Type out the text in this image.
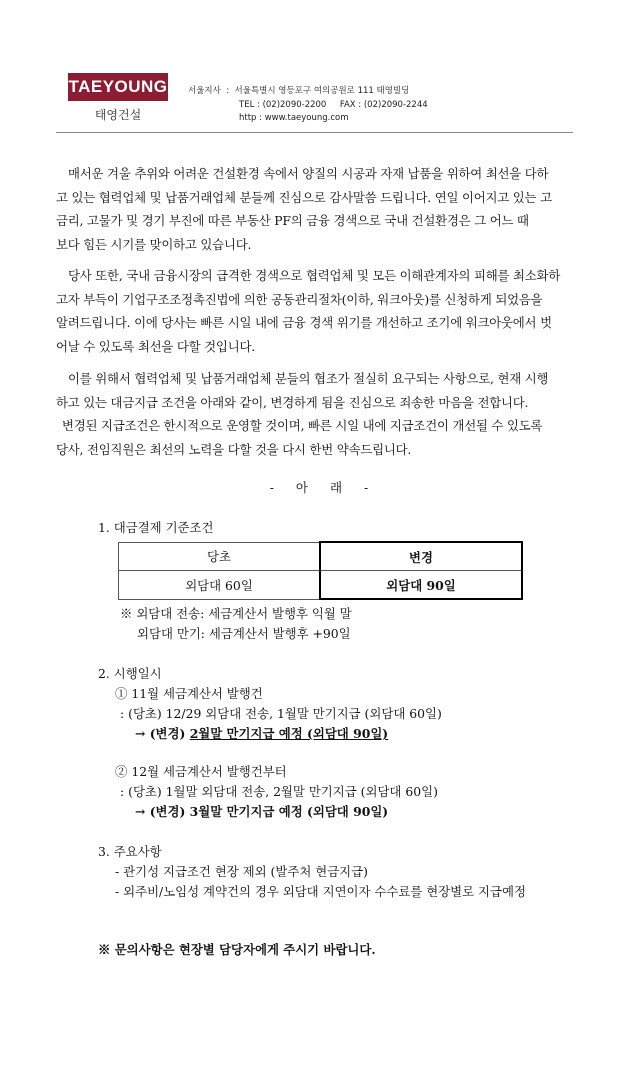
TAEYOUNG
태영건설
서울지사  :  서울특별시 영등포구 여의공원로 111 태영빌딩
TEL : (02)2090-2200     FAX : (02)2090-2244
http : www.taeyoung.com
매서운 겨울 추위와 어려운 건설환경 속에서 양질의 시공과 자재 납품을 위하여 최선을 다하
고 있는 협력업체 및 납품거래업체 분들께 진심으로 감사말씀 드립니다. 연일 이어지고 있는 고
금리, 고물가 및 경기 부진에 따른 부동산 PF의 금융 경색으로 국내 건설환경은 그 어느 때
보다 힘든 시기를 맞이하고 있습니다.
당사 또한, 국내 금융시장의 급격한 경색으로 협력업체 및 모든 이해관계자의 피해를 최소화하
고자 부득이 기업구조조정촉진법에 의한 공동관리절차(이하, 워크아웃)를 신청하게 되었음을
알려드립니다. 이에 당사는 빠른 시일 내에 금융 경색 위기를 개선하고 조기에 워크아웃에서 벗
어날 수 있도록 최선을 다할 것입니다.
이를 위해서 협력업체 및 납품거래업체 분들의 협조가 절실히 요구되는 사항으로, 현재 시행
하고 있는 대금지급 조건을 아래와 같이, 변경하게 됨을 진심으로 죄송한 마음을 전합니다.
변경된 지급조건은 한시적으로 운영할 것이며, 빠른 시일 내에 지급조건이 개선될 수 있도록
당사, 전임직원은 최선의 노력을 다할 것을 다시 한번 약속드립니다.
- 아 래 -
1. 대금결제 기준조건
당초	변경
외담대 60일	외담대 90일
※ 외담대 전송: 세금계산서 발행후 익월 말
외담대 만기: 세금계산서 발행후 +90일
2. 시행일시
① 11월 세금계산서 발행건
: (당초) 12/29 외담대 전송, 1월말 만기지급 (외담대 60일)
→ (변경) 2월말 만기지급 예정 (외담대 90일)
② 12월 세금계산서 발행건부터
: (당초) 1월말 외담대 전송, 2월말 만기지급 (외담대 60일)
→ (변경) 3월말 만기지급 예정 (외담대 90일)
3. 주요사항
- 관기성 지급조건 현장 제외 (발주처 현금지급)
- 외주비/노임성 계약건의 경우 외담대 지연이자 수수료를 현장별로 지급예정
※ 문의사항은 현장별 담당자에게 주시기 바랍니다.
